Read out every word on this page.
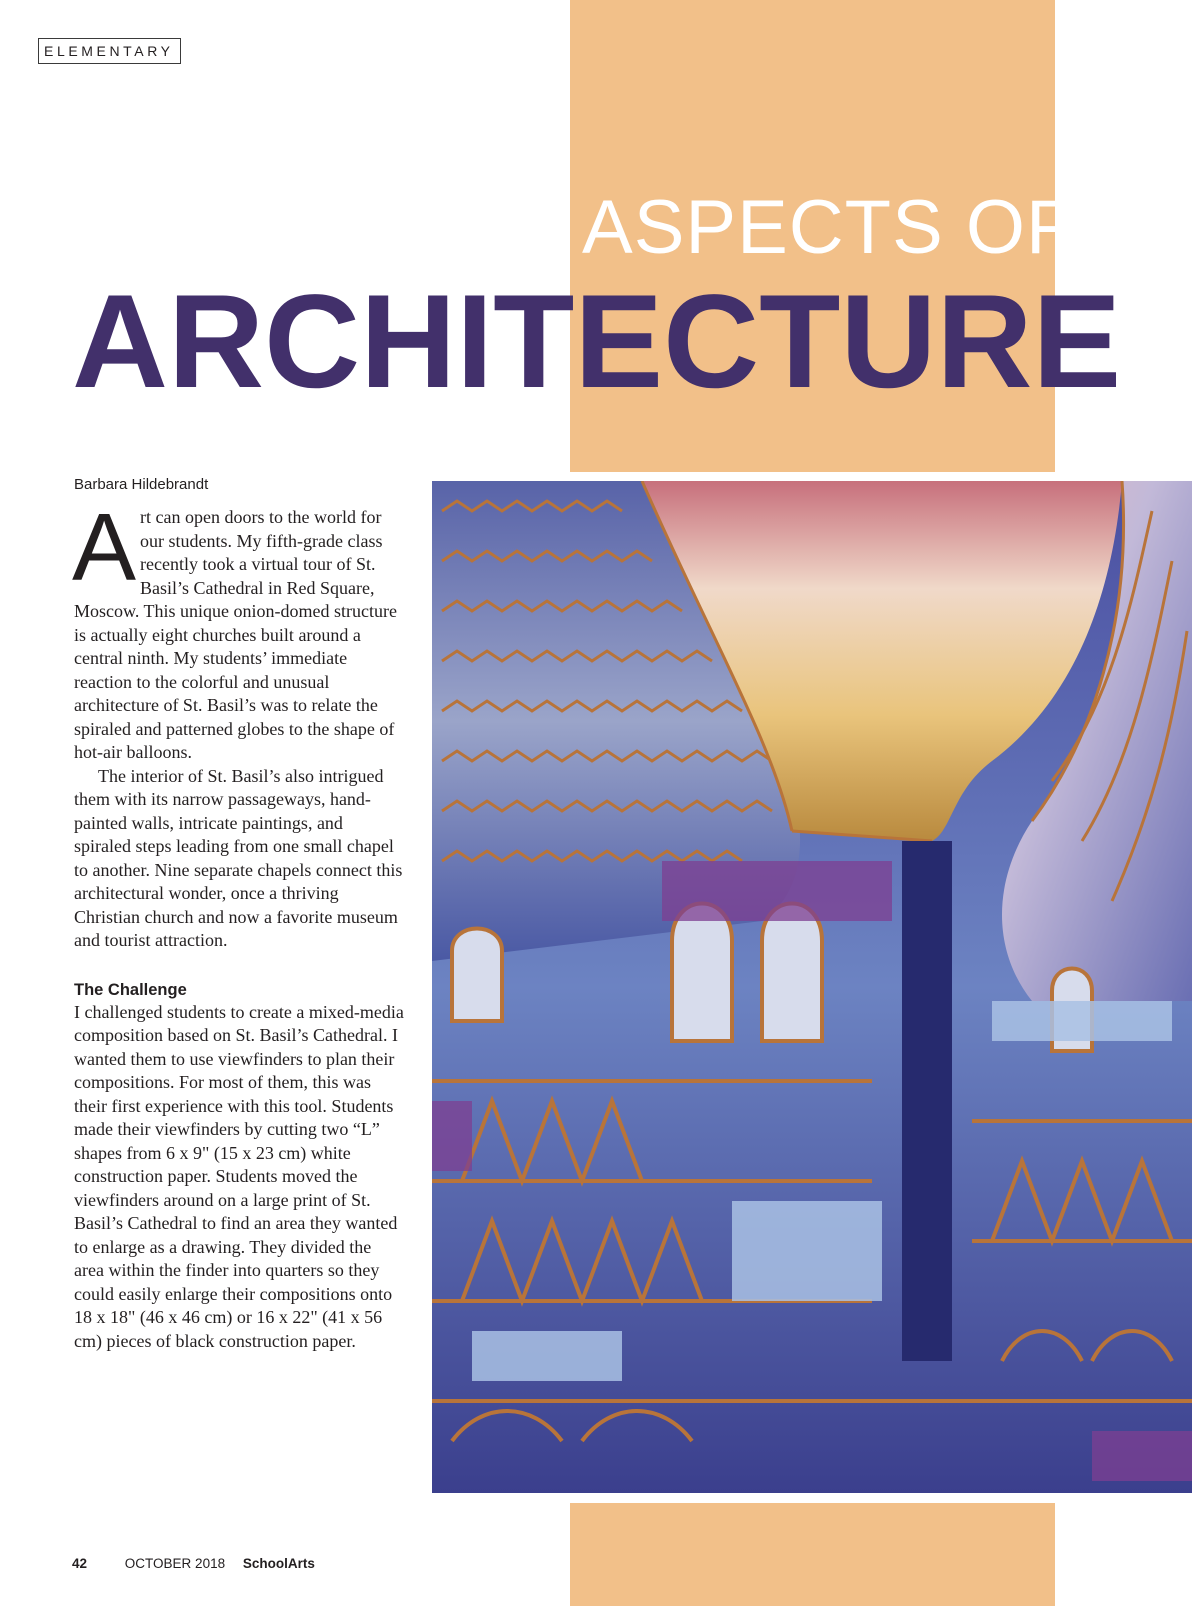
ELEMENTARY
ASPECTS OF
ARCHITECTURE
Barbara Hildebrandt

Art can open doors to the world for our students. My fifth-grade class recently took a virtual tour of St. Basil’s Cathedral in Red Square, Moscow. This unique onion-domed structure is actually eight churches built around a central ninth. My students’ immediate reaction to the colorful and unusual architecture of St. Basil’s was to relate the spiraled and patterned globes to the shape of hot-air balloons.

The interior of St. Basil’s also intrigued them with its narrow passageways, hand-painted walls, intricate paintings, and spiraled steps leading from one small chapel to another. Nine separate chapels connect this architectural wonder, once a thriving Christian church and now a favorite museum and tourist attraction.

The Challenge

I challenged students to create a mixed-media composition based on St. Basil’s Cathedral. I wanted them to use viewfinders to plan their compositions. For most of them, this was their first experience with this tool. Students made their viewfinders by cutting two “L” shapes from 6 x 9" (15 x 23 cm) white construction paper. Students moved the viewfinders around on a large print of St. Basil’s Cathedral to find an area they wanted to enlarge as a drawing. They divided the area within the finder into quarters so they could easily enlarge their compositions onto 18 x 18" (46 x 46 cm) or 16 x 22" (41 x 56 cm) pieces of black construction paper.

42	OCTOBER 2018 SchoolArts
